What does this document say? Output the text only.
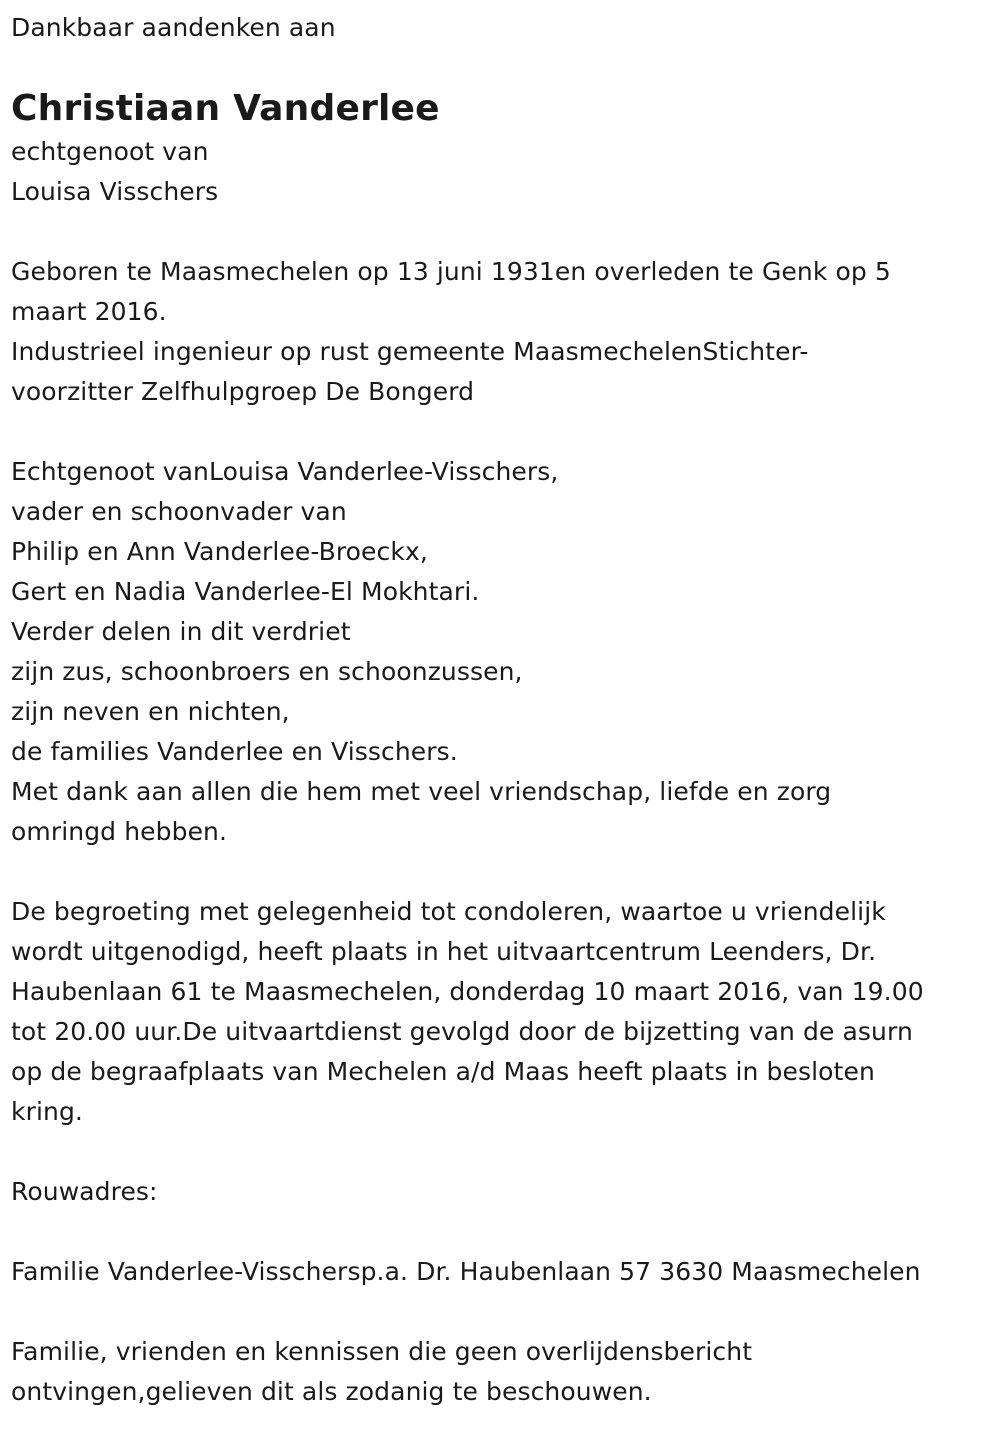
Dankbaar aandenken aan
Christiaan Vanderlee
echtgenoot van
Louisa Visschers
Geboren te Maasmechelen op 13 juni 1931en overleden te Genk op 5
maart 2016.
Industrieel ingenieur op rust gemeente MaasmechelenStichter-
voorzitter Zelfhulpgroep De Bongerd
Echtgenoot vanLouisa Vanderlee-Visschers,
vader en schoonvader van
Philip en Ann Vanderlee-Broeckx,
Gert en Nadia Vanderlee-El Mokhtari.
Verder delen in dit verdriet
zijn zus, schoonbroers en schoonzussen,
zijn neven en nichten,
de families Vanderlee en Visschers.
Met dank aan allen die hem met veel vriendschap, liefde en zorg
omringd hebben.
De begroeting met gelegenheid tot condoleren, waartoe u vriendelijk
wordt uitgenodigd, heeft plaats in het uitvaartcentrum Leenders, Dr.
Haubenlaan 61 te Maasmechelen, donderdag 10 maart 2016, van 19.00
tot 20.00 uur.De uitvaartdienst gevolgd door de bijzetting van de asurn
op de begraafplaats van Mechelen a/d Maas heeft plaats in besloten
kring.
Rouwadres:
Familie Vanderlee-Visschersp.a. Dr. Haubenlaan 57 3630 Maasmechelen
Familie, vrienden en kennissen die geen overlijdensbericht
ontvingen,gelieven dit als zodanig te beschouwen.
